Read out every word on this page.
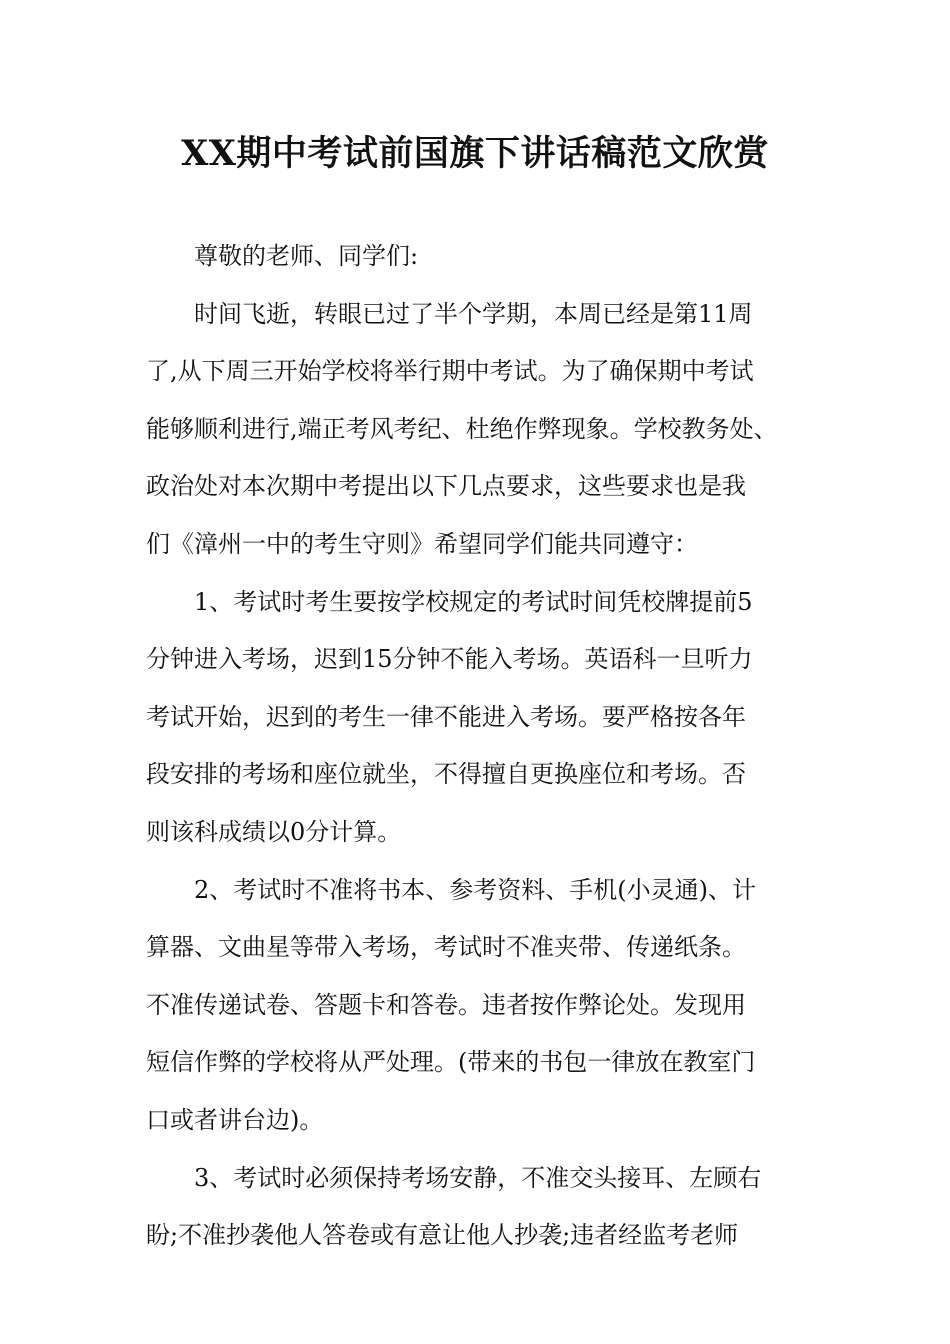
XX期中考试前国旗下讲话稿范文欣赏
尊敬的老师、同学们:
时间飞逝，转眼已过了半个学期，本周已经是第11周
了,从下周三开始学校将举行期中考试。为了确保期中考试
能够顺利进行,端正考风考纪、杜绝作弊现象。学校教务处、
政治处对本次期中考提出以下几点要求，这些要求也是我
们《漳州一中的考生守则》希望同学们能共同遵守：
1、考试时考生要按学校规定的考试时间凭校牌提前5
分钟进入考场，迟到15分钟不能入考场。英语科一旦听力
考试开始，迟到的考生一律不能进入考场。要严格按各年
段安排的考场和座位就坐，不得擅自更换座位和考场。否
则该科成绩以0分计算。
2、考试时不准将书本、参考资料、手机(小灵通)、计
算器、文曲星等带入考场，考试时不准夹带、传递纸条。
不准传递试卷、答题卡和答卷。违者按作弊论处。发现用
短信作弊的学校将从严处理。(带来的书包一律放在教室门
口或者讲台边)。
3、考试时必须保持考场安静，不准交头接耳、左顾右
盼;不准抄袭他人答卷或有意让他人抄袭;违者经监考老师
